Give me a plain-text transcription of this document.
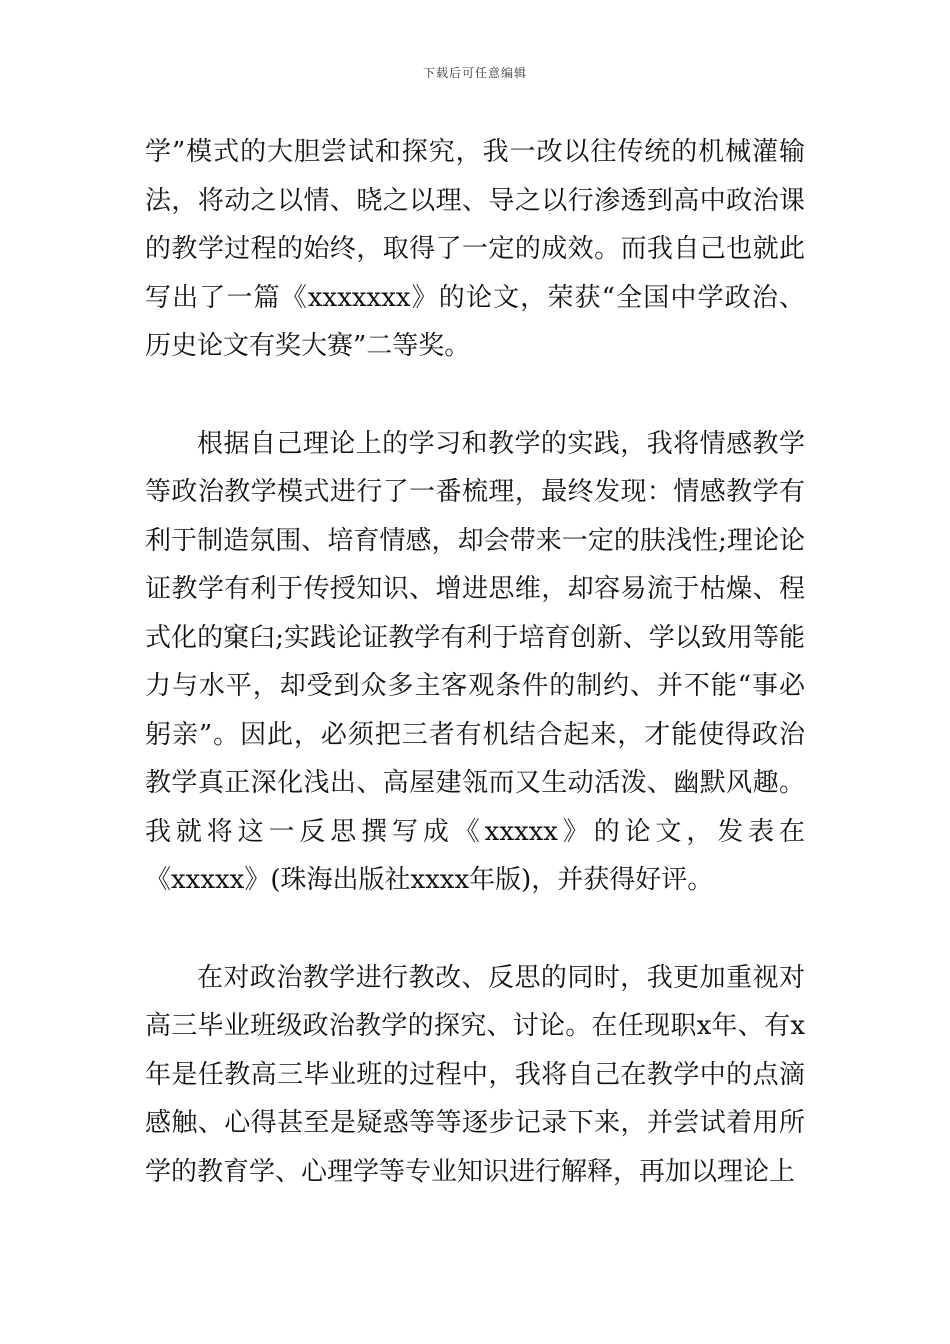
下载后可任意编辑

学”模式的大胆尝试和探究，我一改以往传统的机械灌输法，将动之以情、晓之以理、导之以行渗透到高中政治课的教学过程的始终，取得了一定的成效。而我自己也就此写出了一篇《xxxxxxx》的论文，荣获“全国中学政治、历史论文有奖大赛”二等奖。

根据自己理论上的学习和教学的实践，我将情感教学等政治教学模式进行了一番梳理，最终发现：情感教学有利于制造氛围、培育情感，却会带来一定的肤浅性;理论论证教学有利于传授知识、增进思维，却容易流于枯燥、程式化的窠臼;实践论证教学有利于培育创新、学以致用等能力与水平，却受到众多主客观条件的制约、并不能“事必躬亲”。因此，必须把三者有机结合起来，才能使得政治教学真正深化浅出、高屋建瓴而又生动活泼、幽默风趣。我就将这一反思撰写成《xxxxx》的论文，发表在《xxxxx》(珠海出版社xxxx年版)，并获得好评。

在对政治教学进行教改、反思的同时，我更加重视对高三毕业班级政治教学的探究、讨论。在任现职x年、有x年是任教高三毕业班的过程中，我将自己在教学中的点滴感触、心得甚至是疑惑等等逐步记录下来，并尝试着用所学的教育学、心理学等专业知识进行解释，再加以理论上
